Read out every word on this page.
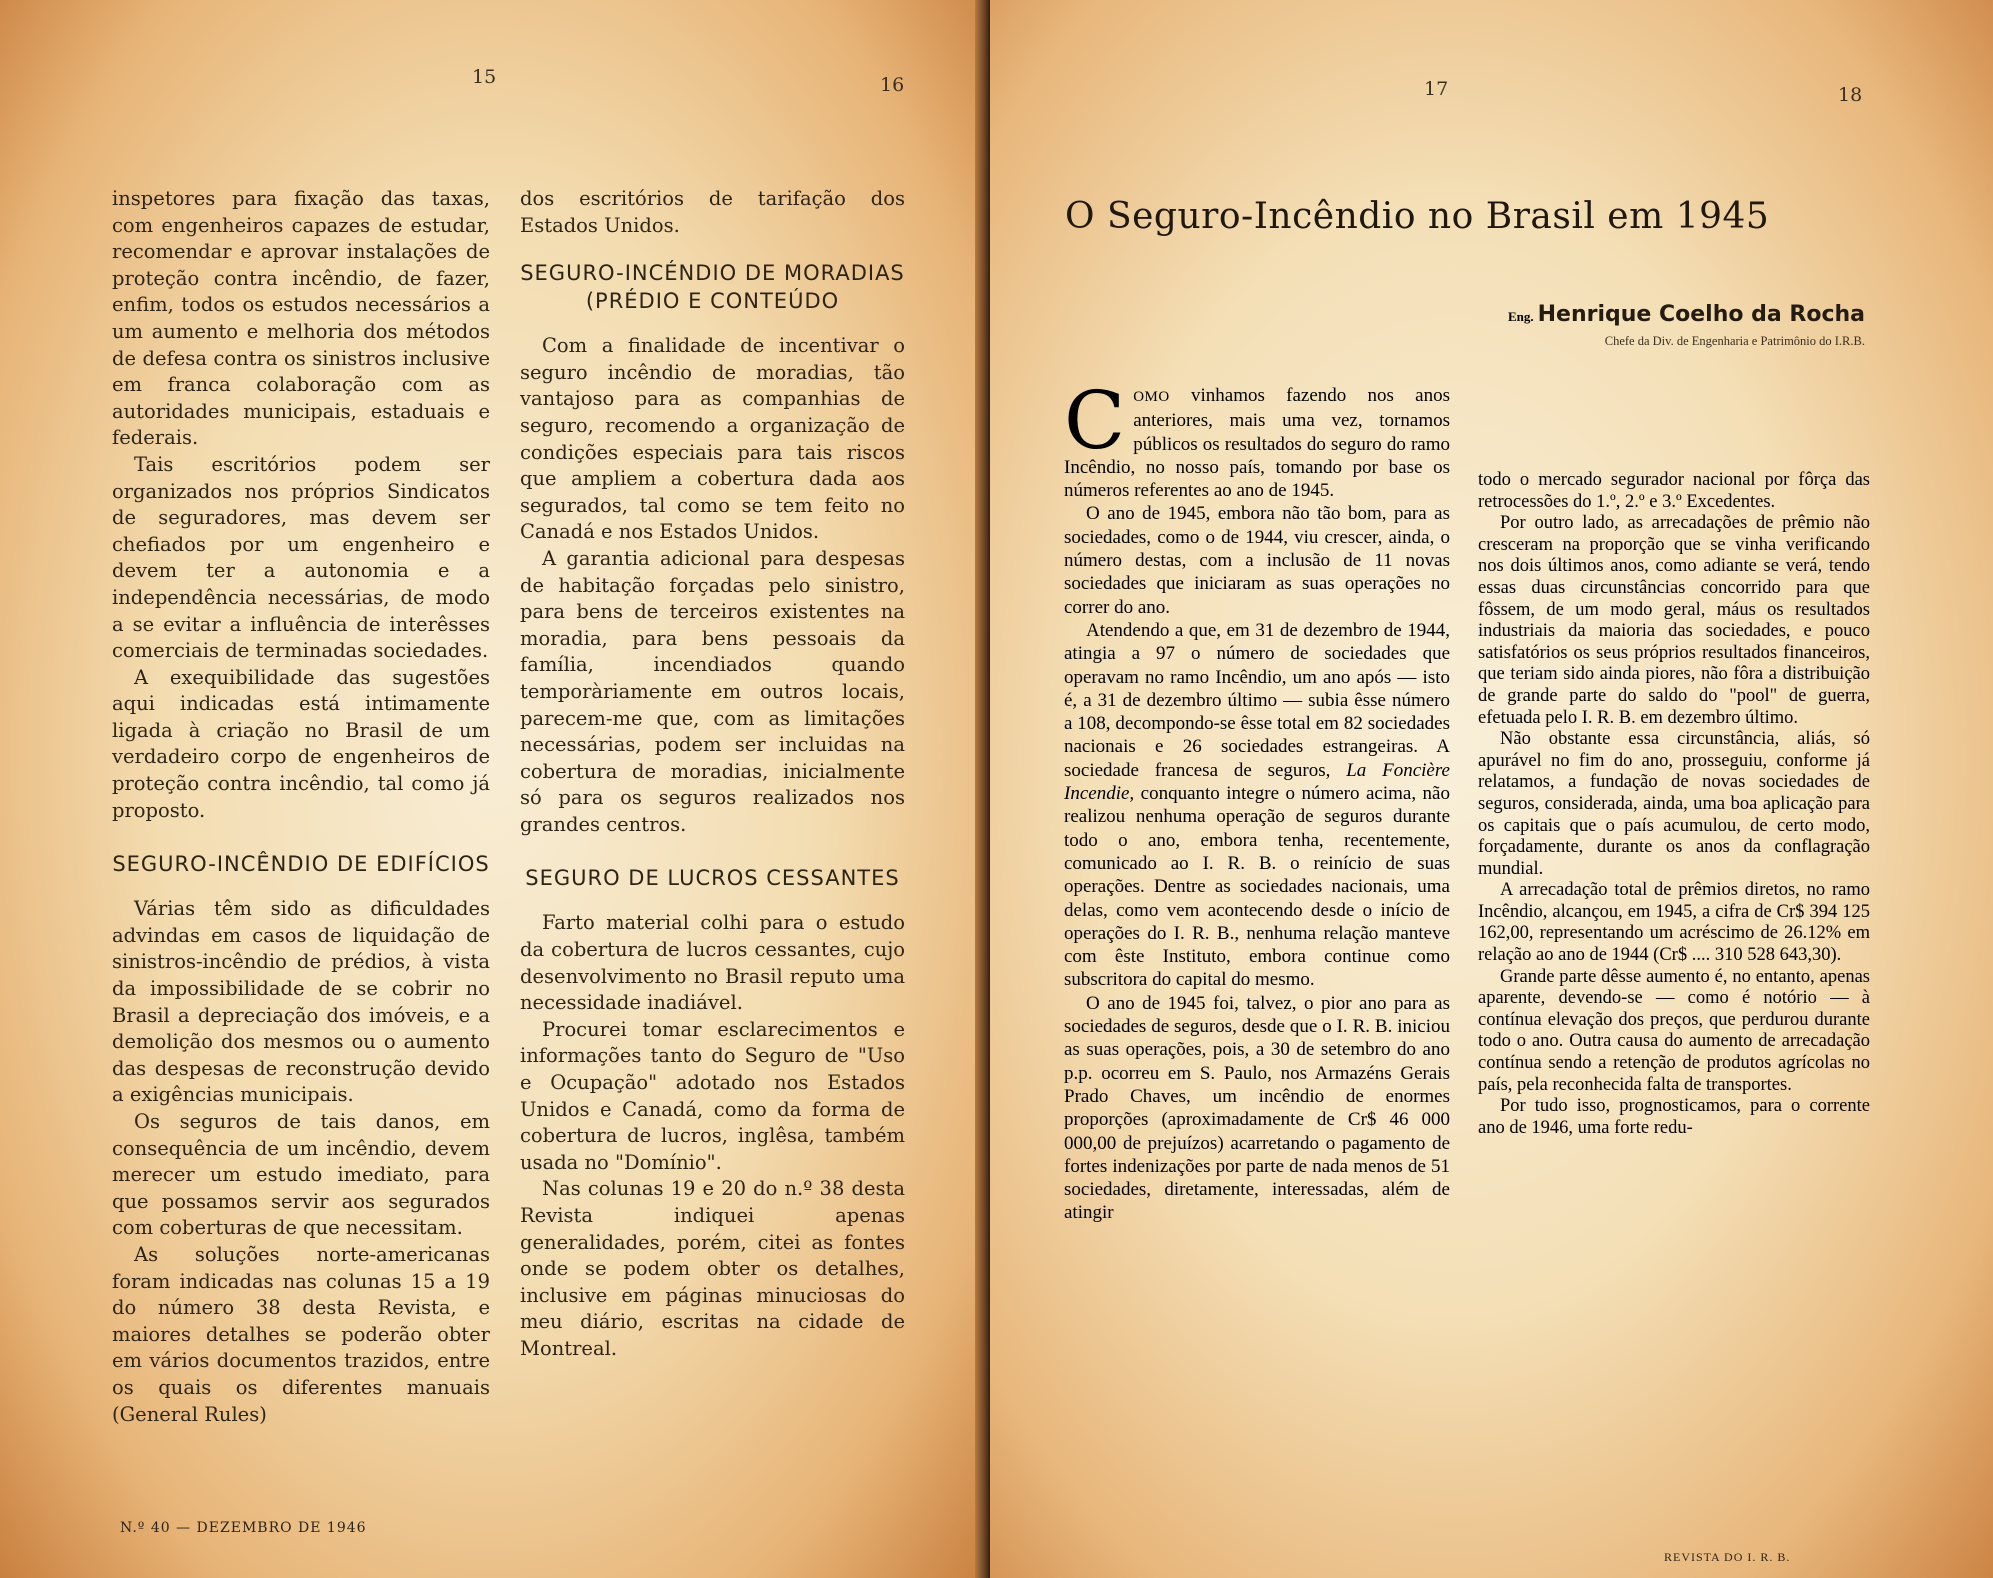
15	16

inspetores para fixação das taxas, com engenheiros capazes de estudar, recomendar e aprovar instalações de proteção contra incêndio, de fazer, enfim, todos os estudos necessários a um aumento e melhoria dos métodos de defesa contra os sinistros inclusive em franca colaboração com as autoridades municipais, estaduais e federais.

Tais escritórios podem ser organizados nos próprios Sindicatos de seguradores, mas devem ser chefiados por um engenheiro e devem ter a autonomia e a independência necessárias, de modo a se evitar a influência de interêsses comerciais de terminadas sociedades.

A exequibilidade das sugestões aqui indicadas está intimamente ligada à criação no Brasil de um verdadeiro corpo de engenheiros de proteção contra incêndio, tal como já proposto.

SEGURO-INCÊNDIO DE EDIFÍCIOS

Várias têm sido as dificuldades advindas em casos de liquidação de sinistros-incêndio de prédios, à vista da impossibilidade de se cobrir no Brasil a depreciação dos imóveis, e a demolição dos mesmos ou o aumento das despesas de reconstrução devido a exigências municipais.

Os seguros de tais danos, em consequência de um incêndio, devem merecer um estudo imediato, para que possamos servir aos segurados com coberturas de que necessitam.

As soluções norte-americanas foram indicadas nas colunas 15 a 19 do número 38 desta Revista, e maiores detalhes se poderão obter em vários documentos trazidos, entre os quais os diferentes manuais (General Rules)

dos escritórios de tarifação dos Estados Unidos.

SEGURO-INCÉNDIO DE MORADIAS (PRÉDIO E CONTEÚDO

Com a finalidade de incentivar o seguro incêndio de moradias, tão vantajoso para as companhias de seguro, recomendo a organização de condições especiais para tais riscos que ampliem a cobertura dada aos segurados, tal como se tem feito no Canadá e nos Estados Unidos.

A garantia adicional para despesas de habitação forçadas pelo sinistro, para bens de terceiros existentes na moradia, para bens pessoais da família, incendiados quando temporàriamente em outros locais, parecem-me que, com as limitações necessárias, podem ser incluidas na cobertura de moradias, inicialmente só para os seguros realizados nos grandes centros.

SEGURO DE LUCROS CESSANTES

Farto material colhi para o estudo da cobertura de lucros cessantes, cujo desenvolvimento no Brasil reputo uma necessidade inadiável.

Procurei tomar esclarecimentos e informações tanto do Seguro de "Uso e Ocupação" adotado nos Estados Unidos e Canadá, como da forma de cobertura de lucros, inglêsa, também usada no "Domínio".

Nas colunas 19 e 20 do n.º 38 desta Revista indiquei apenas generalidades, porém, citei as fontes onde se podem obter os detalhes, inclusive em páginas minuciosas do meu diário, escritas na cidade de Montreal.

N.º 40 — DEZEMBRO DE 1946
17	18
O Seguro-Incêndio no Brasil em 1945
Eng. Henrique Coelho da Rocha
Chefe da Div. de Engenharia e Patrimônio do I.R.B.

COMO vinhamos fazendo nos anos anteriores, mais uma vez, tornamos públicos os resultados do seguro do ramo Incêndio, no nosso país, tomando por base os números referentes ao ano de 1945.

O ano de 1945, embora não tão bom, para as sociedades, como o de 1944, viu crescer, ainda, o número destas, com a inclusão de 11 novas sociedades que iniciaram as suas operações no correr do ano.

Atendendo a que, em 31 de dezembro de 1944, atingia a 97 o número de sociedades que operavam no ramo Incêndio, um ano após — isto é, a 31 de dezembro último — subia êsse número a 108, decompondo-se êsse total em 82 sociedades nacionais e 26 sociedades estrangeiras. A sociedade francesa de seguros, La Foncière Incendie, conquanto integre o número acima, não realizou nenhuma operação de seguros durante todo o ano, embora tenha, recentemente, comunicado ao I. R. B. o reinício de suas operações. Dentre as sociedades nacionais, uma delas, como vem acontecendo desde o início de operações do I. R. B., nenhuma relação manteve com êste Instituto, embora continue como subscritora do capital do mesmo.

O ano de 1945 foi, talvez, o pior ano para as sociedades de seguros, desde que o I. R. B. iniciou as suas operações, pois, a 30 de setembro do ano p.p. ocorreu em S. Paulo, nos Armazéns Gerais Prado Chaves, um incêndio de enormes proporções (aproximadamente de Cr$ 46 000 000,00 de prejuízos) acarretando o pagamento de fortes indenizações por parte de nada menos de 51 sociedades, diretamente, interessadas, além de atingir

todo o mercado segurador nacional por fôrça das retrocessões do 1.º, 2.º e 3.º Excedentes.

Por outro lado, as arrecadações de prêmio não cresceram na proporção que se vinha verificando nos dois últimos anos, como adiante se verá, tendo essas duas circunstâncias concorrido para que fôssem, de um modo geral, máus os resultados industriais da maioria das sociedades, e pouco satisfatórios os seus próprios resultados financeiros, que teriam sido ainda piores, não fôra a distribuição de grande parte do saldo do "pool" de guerra, efetuada pelo I. R. B. em dezembro último.

Não obstante essa circunstância, aliás, só apurável no fim do ano, prosseguiu, conforme já relatamos, a fundação de novas sociedades de seguros, considerada, ainda, uma boa aplicação para os capitais que o país acumulou, de certo modo, forçadamente, durante os anos da conflagração mundial.

A arrecadação total de prêmios diretos, no ramo Incêndio, alcançou, em 1945, a cifra de Cr$ 394 125 162,00, representando um acréscimo de 26.12% em relação ao ano de 1944 (Cr$ .... 310 528 643,30).

Grande parte dêsse aumento é, no entanto, apenas aparente, devendo-se — como é notório — à contínua elevação dos preços, que perdurou durante todo o ano. Outra causa do aumento de arrecadação contínua sendo a retenção de produtos agrícolas no país, pela reconhecida falta de transportes.

Por tudo isso, prognosticamos, para o corrente ano de 1946, uma forte redu-

REVISTA DO I. R. B.
